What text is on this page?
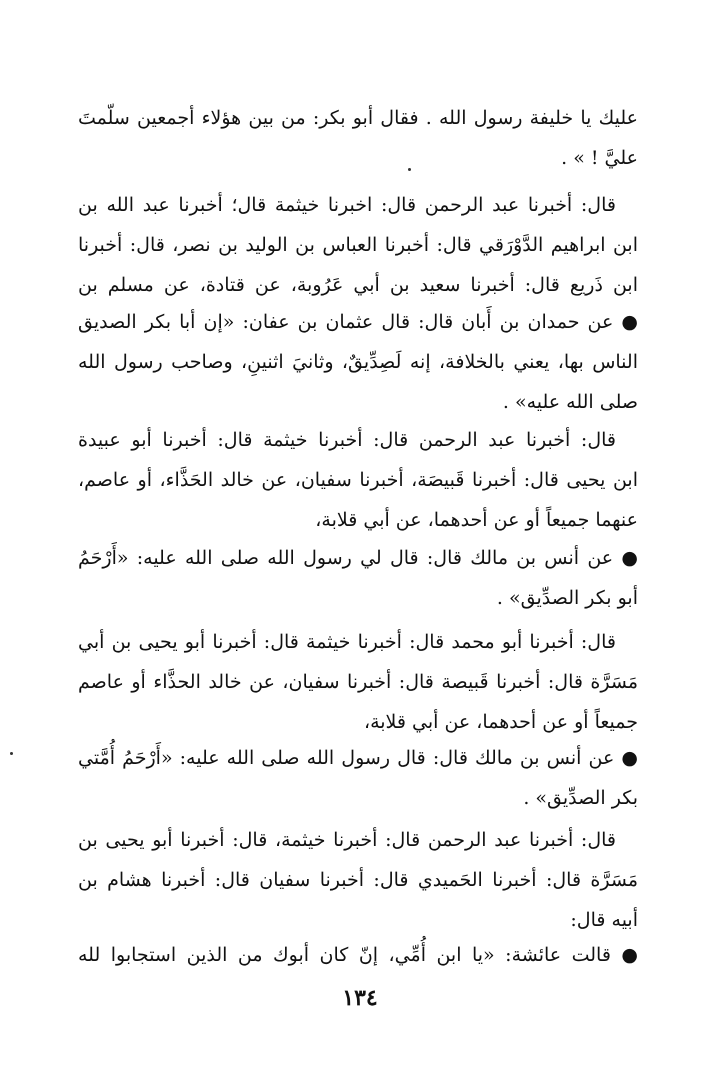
عليك يا خليفة رسول الله . فقال أبو بكر: من بين هؤلاء أجمعين سلّمتَ
عليَّ ! » .
قال: أخبرنا عبد الرحمن قال: اخبرنا خيثمة قال؛ أخبرنا عبد الله بن
ابن ابراهيم الدَّوْرَقي قال: أخبرنا العباس بن الوليد بن نصر، قال: أخبرنا
ابن ذَريع قال: أخبرنا سعيد بن أبي عَرُوبة، عن قتادة، عن مسلم بن
● عن حمدان بن أَبان قال: قال عثمان بن عفان: «إن أبا بكر الصديق
الناس بها، يعني بالخلافة، إنه لَصِدِّيقٌ، وثانيَ اثنينِ، وصاحب رسول الله
صلى الله عليه» .
قال: أخبرنا عبد الرحمن قال: أخبرنا خيثمة قال: أخبرنا أبو عبيدة
ابن يحيى قال: أخبرنا قَبيصَة، أخبرنا سفيان، عن خالد الحَذَّاء، أو عاصم،
عنهما جميعاً أو عن أحدهما، عن أبي قلابة،
● عن أنس بن مالك قال: قال لي رسول الله صلى الله عليه: «أَرْحَمُ
أبو بكر الصدِّيق» .
قال: أخبرنا أبو محمد قال: أخبرنا خيثمة قال: أخبرنا أبو يحيى بن أبي
مَسَرَّة قال: أخبرنا قَبيصة قال: أخبرنا سفيان، عن خالد الحذَّاء أو عاصم
جميعاً أو عن أحدهما، عن أبي قلابة،
● عن أنس بن مالك قال: قال رسول الله صلى الله عليه: «أَرْحَمُ أُمَّتي
بكر الصدِّيق» .
قال: أخبرنا عبد الرحمن قال: أخبرنا خيثمة، قال: أخبرنا أبو يحيى بن
مَسَرَّة قال: أخبرنا الحَميدي قال: أخبرنا سفيان قال: أخبرنا هشام بن
أبيه قال:
● قالت عائشة: «يا ابن أُمِّي، إنّ كان أبوك من الذين استجابوا لله
١٣٤
